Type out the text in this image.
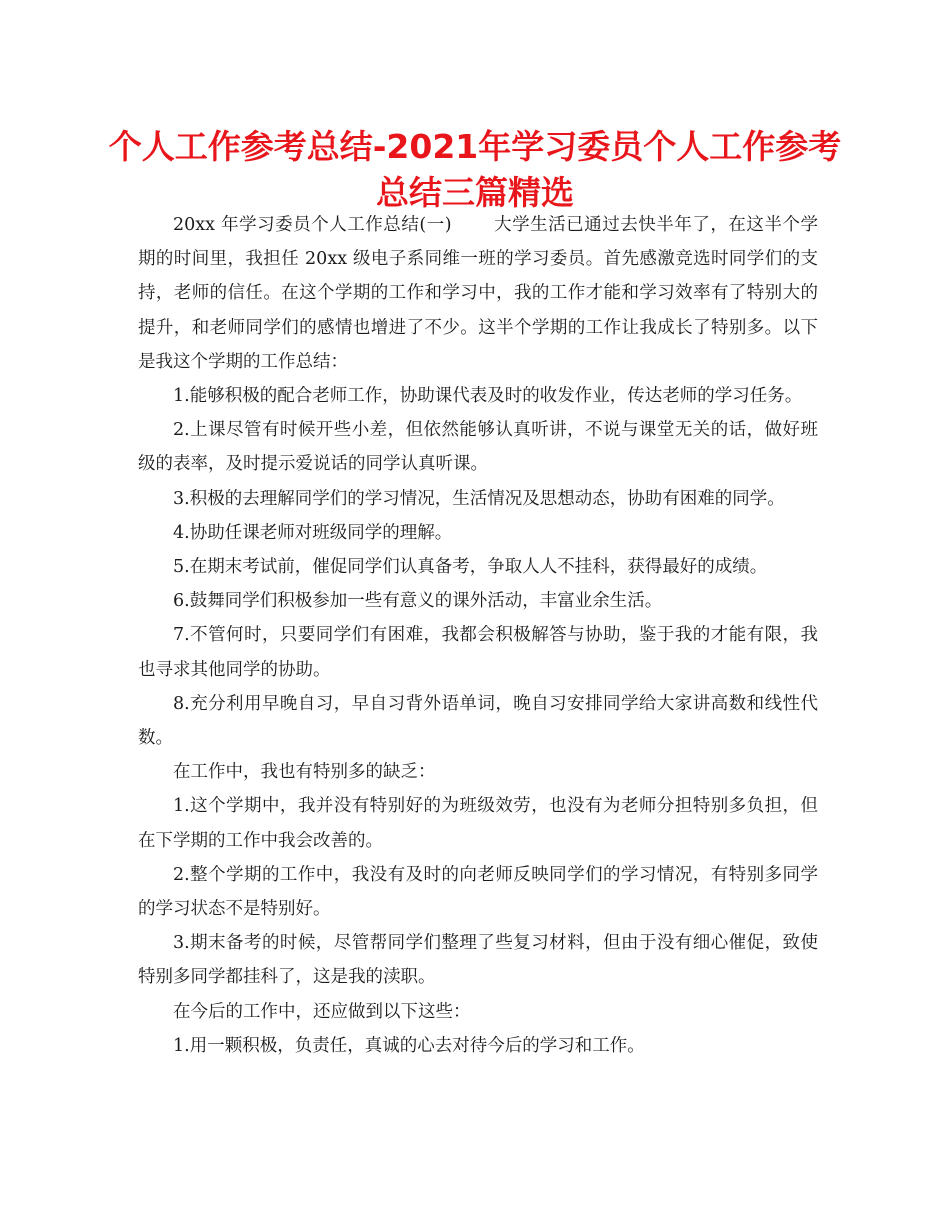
个人工作参考总结-2021年学习委员个人工作参考总结三篇精选

20xx 年学习委员个人工作总结(一) 大学生活已通过去快半年了，在这半个学期的时间里，我担任 20xx 级电子系同维一班的学习委员。首先感激竞选时同学们的支持，老师的信任。在这个学期的工作和学习中，我的工作才能和学习效率有了特别大的提升，和老师同学们的感情也增进了不少。这半个学期的工作让我成长了特别多。以下是我这个学期的工作总结：

1.能够积极的配合老师工作，协助课代表及时的收发作业，传达老师的学习任务。

2.上课尽管有时候开些小差，但依然能够认真听讲，不说与课堂无关的话，做好班级的表率，及时提示爱说话的同学认真听课。

3.积极的去理解同学们的学习情况，生活情况及思想动态，协助有困难的同学。

4.协助任课老师对班级同学的理解。

5.在期末考试前，催促同学们认真备考，争取人人不挂科，获得最好的成绩。

6.鼓舞同学们积极参加一些有意义的课外活动，丰富业余生活。

7.不管何时，只要同学们有困难，我都会积极解答与协助，鉴于我的才能有限，我也寻求其他同学的协助。

8.充分利用早晚自习，早自习背外语单词，晚自习安排同学给大家讲高数和线性代数。

在工作中，我也有特别多的缺乏：

1.这个学期中，我并没有特别好的为班级效劳，也没有为老师分担特别多负担，但在下学期的工作中我会改善的。

2.整个学期的工作中，我没有及时的向老师反映同学们的学习情况，有特别多同学的学习状态不是特别好。

3.期末备考的时候，尽管帮同学们整理了些复习材料，但由于没有细心催促，致使特别多同学都挂科了，这是我的渎职。

在今后的工作中，还应做到以下这些：

1.用一颗积极，负责任，真诚的心去对待今后的学习和工作。
